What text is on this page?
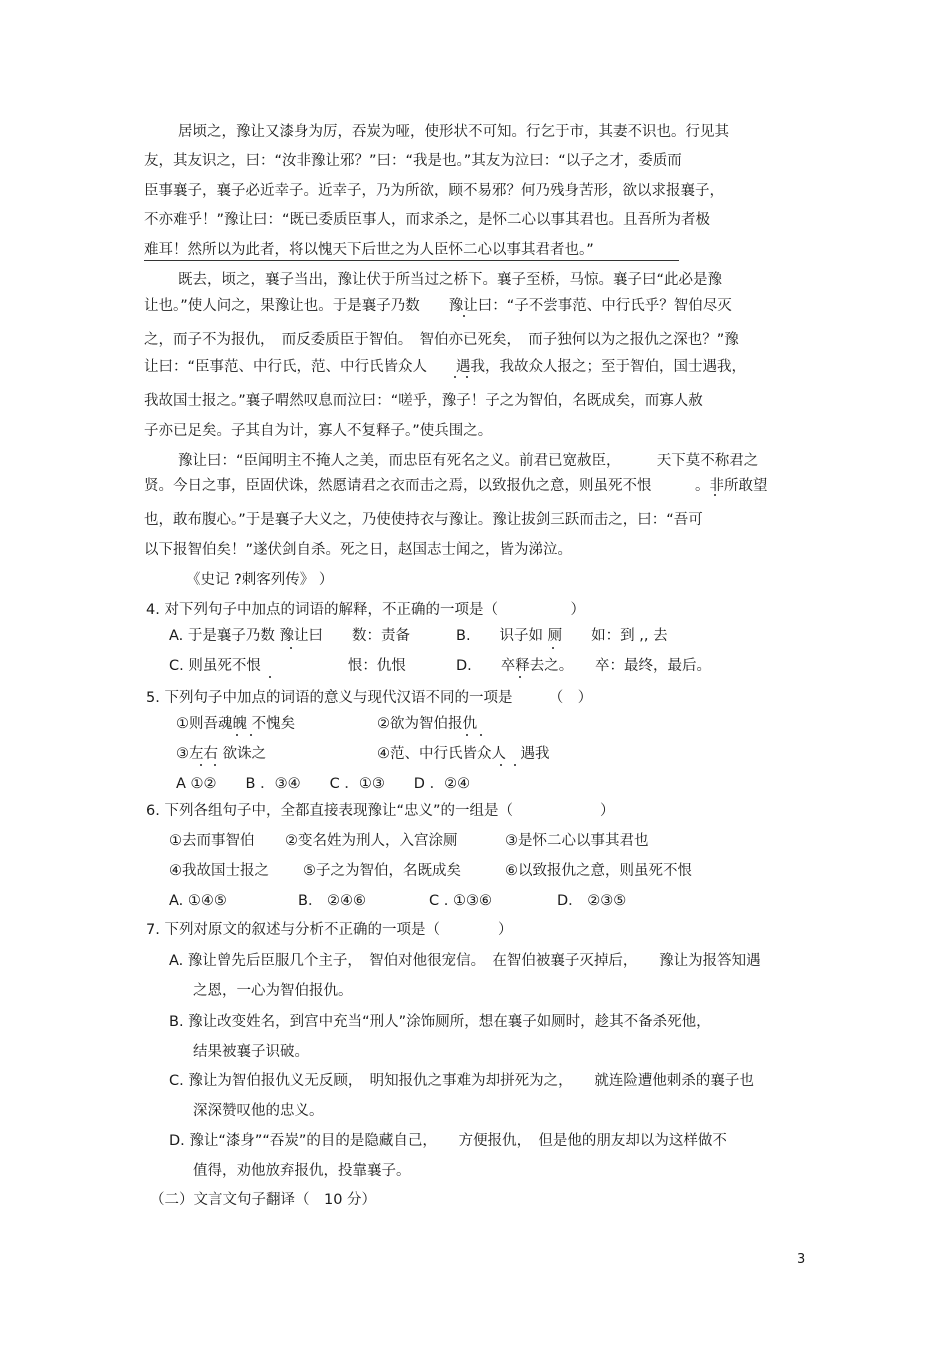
居顷之，豫让又漆身为厉，吞炭为哑，使形状不可知。行乞于市，其妻不识也。行见其
友，其友识之，曰：“汝非豫让邪？”曰：“我是也。”其友为泣曰：“以子之才，委质而
臣事襄子，襄子必近幸子。近幸子，乃为所欲，顾不易邪？何乃残身苦形，欲以求报襄子，
不亦难乎！”豫让曰：“既已委质臣事人，而求杀之，是怀二心以事其君也。且吾所为者极
难耳！然所以为此者，将以愧天下后世之为人臣怀二心以事其君者也。”
既去，顷之，襄子当出，豫让伏于所当过之桥下。襄子至桥，马惊。襄子曰“此必是豫
让也。”使人问之，果豫让也。于是襄子乃数　　豫让曰：“子不尝事范、中行氏乎？智伯尽灭
之，而子不为报仇，　而反委质臣于智伯。　智伯亦已死矣，　而子独何以为之报仇之深也？”豫
让曰：“臣事范、中行氏，范、中行氏皆众人　　遇我，我故众人报之；至于智伯，国士遇我，
我故国士报之。”襄子喟然叹息而泣曰：“嗟乎，豫子！子之为智伯，名既成矣，而寡人赦
子亦已足矣。子其自为计，寡人不复释子。”使兵围之。
豫让曰：“臣闻明主不掩人之美，而忠臣有死名之义。前君已宽赦臣，　　　天下莫不称君之
贤。今日之事，臣固伏诛，然愿请君之衣而击之焉，以致报仇之意，则虽死不恨　　　。非所敢望
也，敢布腹心。”于是襄子大义之，乃使使持衣与豫让。豫让拔剑三跃而击之，曰：“吾可
以下报智伯矣！”遂伏剑自杀。死之日，赵国志士闻之，皆为涕泣。
《史记 ?刺客列传》 ）
4. 对下列句子中加点的词语的解释，不正确的一项是（　　　　　）
A. 于是襄子乃数 豫让曰　　数：责备	B.　　识子如 厕　　如：到 ,, 去
C. 则虽死不恨　　　　　　恨：仇恨	D.　　卒释去之。　　卒：最终，最后。
5. 下列句子中加点的词语的意义与现代汉语不同的一项是　　　（　）
①则吾魂魄 不愧矣	②欲为智伯报仇
③左右 欲诛之	④范、中行氏皆众人　遇我
A ①②　　B ．③④　　C ．①③　　D ．②④
6. 下列各组句子中，全都直接表现豫让“忠义”的一组是（　　　　　　）
①去而事智伯 ②变名姓为刑人，入宫涂厕	③是怀二心以事其君也
④我故国士报之 ⑤子之为智伯，名既成矣	⑥以致报仇之意，则虽死不恨
A. ①④⑤	B． ②④⑥	C . ①③⑥	D． ②③⑤
7. 下列对原文的叙述与分析不正确的一项是（　　　　）
A. 豫让曾先后臣服几个主子，　智伯对他很宠信。　在智伯被襄子灭掉后，　　豫让为报答知遇
之恩，一心为智伯报仇。
B. 豫让改变姓名，到宫中充当“刑人”涂饰厕所，想在襄子如厕时，趁其不备杀死他，
结果被襄子识破。
C. 豫让为智伯报仇义无反顾，　明知报仇之事难为却拼死为之，　　就连险遭他刺杀的襄子也
深深赞叹他的忠义。
D. 豫让“漆身”“吞炭”的目的是隐藏自己，　　方便报仇，　但是他的朋友却以为这样做不
值得，劝他放弃报仇，投靠襄子。
（二）文言文句子翻译（　10 分）
3
